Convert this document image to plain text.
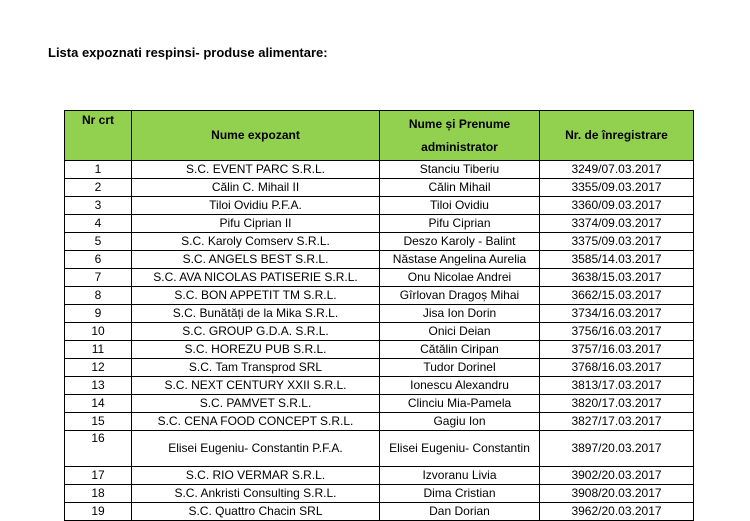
Lista expoznati respinsi- produse alimentare:
Nr crt	Nume expozant	Nume și Prenume administrator	Nr. de înregistrare
1	S.C. EVENT PARC S.R.L.	Stanciu Tiberiu	3249/07.03.2017
2	Călin C. Mihail II	Călin Mihail	3355/09.03.2017
3	Tiloi Ovidiu P.F.A.	Tiloi Ovidiu	3360/09.03.2017
4	Pifu Ciprian II	Pifu Ciprian	3374/09.03.2017
5	S.C. Karoly Comserv S.R.L.	Deszo Karoly - Balint	3375/09.03.2017
6	S.C. ANGELS BEST S.R.L.	Năstase Angelina Aurelia	3585/14.03.2017
7	S.C. AVA NICOLAS PATISERIE S.R.L.	Onu Nicolae Andrei	3638/15.03.2017
8	S.C. BON APPETIT TM S.R.L.	Gîrlovan Dragoș Mihai	3662/15.03.2017
9	S.C. Bunătăți de la Mika S.R.L.	Jisa Ion Dorin	3734/16.03.2017
10	S.C. GROUP G.D.A. S.R.L.	Onici Deian	3756/16.03.2017
11	S.C. HOREZU PUB S.R.L.	Cătălin Ciripan	3757/16.03.2017
12	S.C. Tam Transprod SRL	Tudor Dorinel	3768/16.03.2017
13	S.C. NEXT CENTURY XXII S.R.L.	Ionescu Alexandru	3813/17.03.2017
14	S.C. PAMVET S.R.L.	Clinciu Mia-Pamela	3820/17.03.2017
15	S.C. CENA FOOD CONCEPT S.R.L.	Gagiu Ion	3827/17.03.2017
16	Elisei Eugeniu- Constantin P.F.A.	Elisei Eugeniu- Constantin	3897/20.03.2017
17	S.C. RIO VERMAR S.R.L.	Izvoranu Livia	3902/20.03.2017
18	S.C. Ankristi Consulting S.R.L.	Dima Cristian	3908/20.03.2017
19	S.C. Quattro Chacin SRL	Dan Dorian	3962/20.03.2017
